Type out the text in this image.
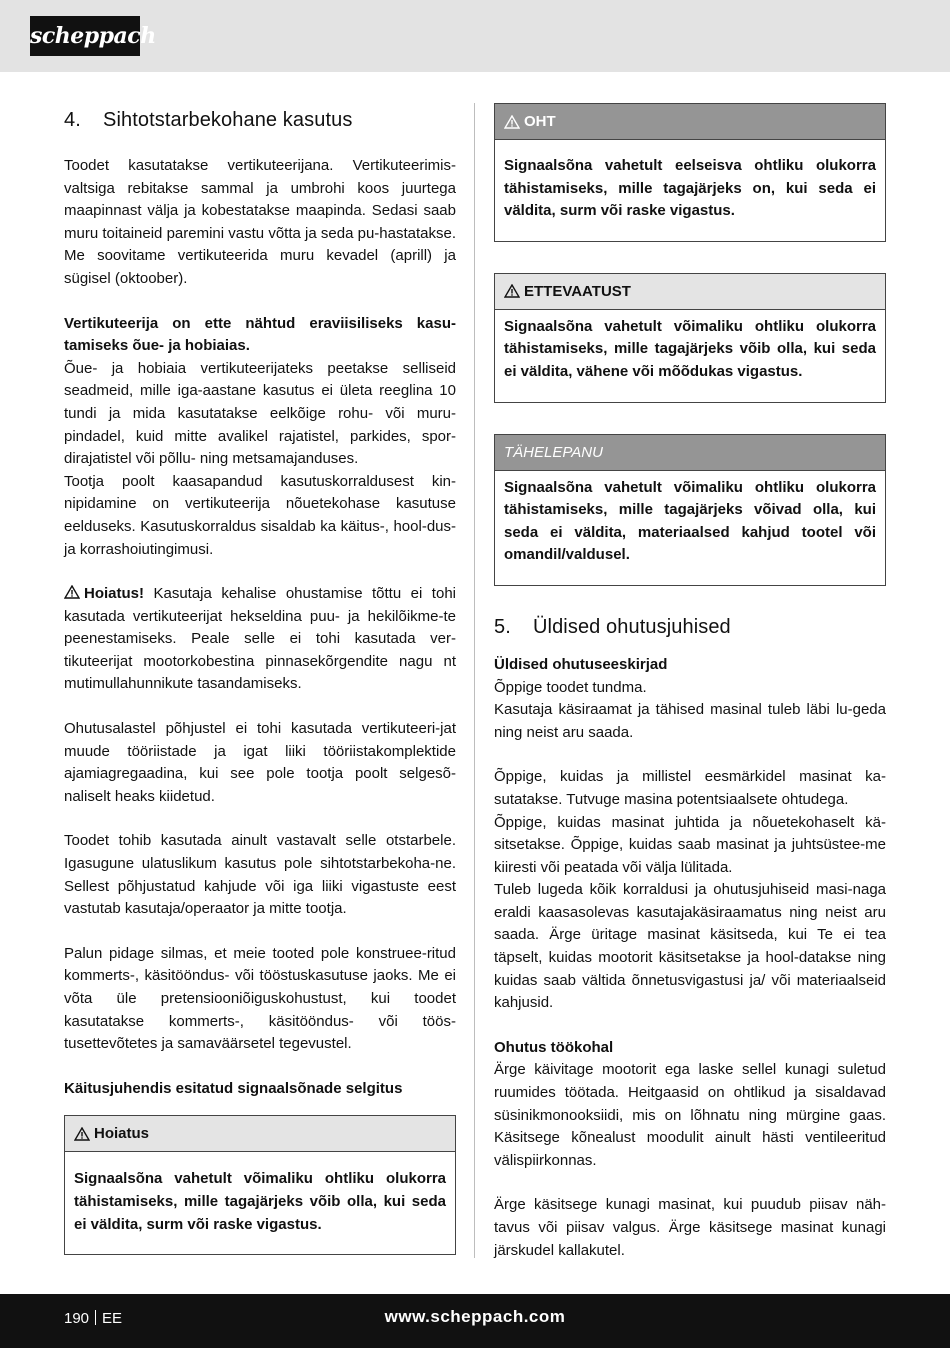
scheppach
4.	Sihtotstarbekohane kasutus

Toodet kasutatakse vertikuteerijana. Vertikuteerimis-valtsiga rebitakse sammal ja umbrohi koos juurtega maapinnast välja ja kobestatakse maapinda. Sedasi saab muru toitaineid paremini vastu võtta ja seda pu-hastatakse. Me soovitame vertikuteerida muru kevadel (aprill) ja sügisel (oktoober).

Vertikuteerija on ette nähtud eraviisiliseks kasu-tamiseks õue- ja hobiaias.

Õue- ja hobiaia vertikuteerijateks peetakse selliseid seadmeid, mille iga-aastane kasutus ei ületa reeglina 10 tundi ja mida kasutatakse eelkõige rohu- või muru-pindadel, kuid mitte avalikel rajatistel, parkides, spor-dirajatistel või põllu- ning metsamajanduses.

Tootja poolt kaasapandud kasutuskorraldusest kin-nipidamine on vertikuteerija nõuetekohase kasutuse eelduseks. Kasutuskorraldus sisaldab ka käitus-, hool-dus- ja korrashoiutingimusi.

Hoiatus! Kasutaja kehalise ohustamise tõttu ei tohi kasutada vertikuteerijat hekseldina puu- ja hekilõikme-te peenestamiseks. Peale selle ei tohi kasutada ver-tikuteerijat mootorkobestina pinnasekõrgendite nagu nt mutimullahunnikute tasandamiseks.

Ohutusalastel põhjustel ei tohi kasutada vertikuteeri-jat muude tööriistade ja igat liiki tööriistakomplektide ajamiagregaadina, kui see pole tootja poolt selgesõ-naliselt heaks kiidetud.

Toodet tohib kasutada ainult vastavalt selle otstarbele. Igasugune ulatuslikum kasutus pole sihtotstarbekoha-ne. Sellest põhjustatud kahjude või iga liiki vigastuste eest vastutab kasutaja/operaator ja mitte tootja.

Palun pidage silmas, et meie tooted pole konstruee-ritud kommerts-, käsitööndus- või tööstuskasutuse jaoks. Me ei võta üle pretensiooniõiguskohustust, kui toodet kasutatakse kommerts-, käsitööndus- või töös-tusettevõtetes ja samaväärsetel tegevustel.

Käitusjuhendis esitatud signaalsõnade selgitus

Hoiatus

Signaalsõna vahetult võimaliku ohtliku olukorra tähistamiseks, mille tagajärjeks võib olla, kui seda ei väldita, surm või raske vigastus.

OHT

Signaalsõna vahetult eelseisva ohtliku olukorra tähistamiseks, mille tagajärjeks on, kui seda ei väldita, surm või raske vigastus.

ETTEVAATUST

Signaalsõna vahetult võimaliku ohtliku olukorra tähistamiseks, mille tagajärjeks võib olla, kui seda ei väldita, vähene või mõõdukas vigastus.

TÄHELEPANU

Signaalsõna vahetult võimaliku ohtliku olukorra tähistamiseks, mille tagajärjeks võivad olla, kui seda ei väldita, materiaalsed kahjud tootel või omandil/valdusel.

5.	Üldised ohutusjuhised

Üldised ohutuseeskirjad

Õppige toodet tundma.

Kasutaja käsiraamat ja tähised masinal tuleb läbi lu-geda ning neist aru saada.

Õppige, kuidas ja millistel eesmärkidel masinat ka-sutatakse. Tutvuge masina potentsiaalsete ohtudega.

Õppige, kuidas masinat juhtida ja nõuetekohaselt kä-sitsetakse. Õppige, kuidas saab masinat ja juhtsüstee-me kiiresti või peatada või välja lülitada.

Tuleb lugeda kõik korraldusi ja ohutusjuhiseid masi-naga eraldi kaasasolevas kasutajakäsiraamatus ning neist aru saada. Ärge üritage masinat käsitseda, kui Te ei tea täpselt, kuidas mootorit käsitsetakse ja hool-datakse ning kuidas saab vältida õnnetusvigastusi ja/ või materiaalseid kahjusid.

Ohutus töökohal

Ärge käivitage mootorit ega laske sellel kunagi suletud ruumides töötada. Heitgaasid on ohtlikud ja sisaldavad süsinikmonooksiidi, mis on lõhnatu ning mürgine gaas. Käsitsege kõnealust moodulit ainult hästi ventileeritud välispiirkonnas.

Ärge käsitsege kunagi masinat, kui puudub piisav näh-tavus või piisav valgus. Ärge käsitsege masinat kunagi järskudel kallakutel.

190 EE	www.scheppach.com
